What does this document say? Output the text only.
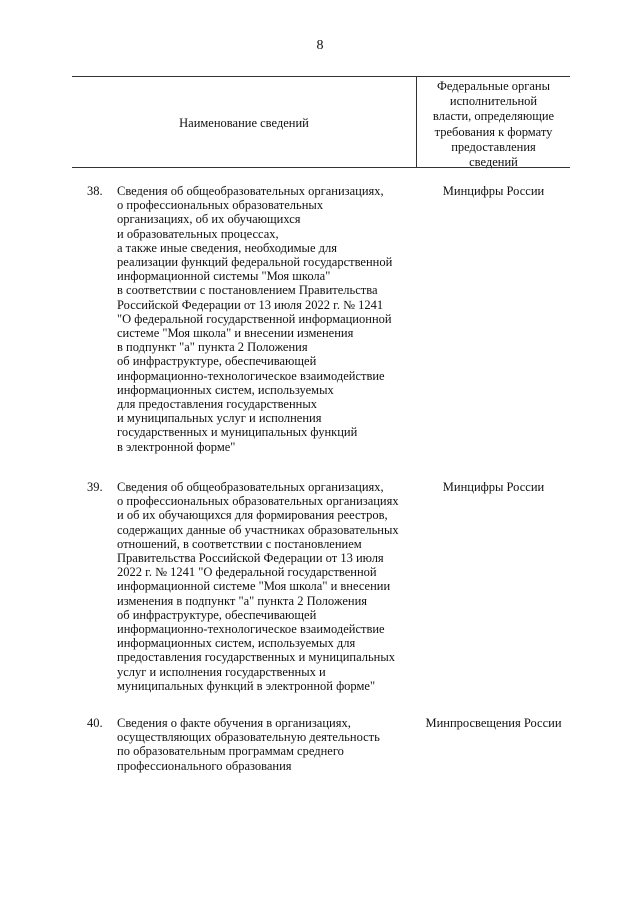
8
Наименование сведений
Федеральные органы
исполнительной
власти, определяющие
требования к формату
предоставления
сведений
38. Сведения об общеобразовательных организациях,
о профессиональных образовательных
организациях, об их обучающихся
и образовательных процессах,
а также иные сведения, необходимые для
реализации функций федеральной государственной
информационной системы "Моя школа"
в соответствии с постановлением Правительства
Российской Федерации от 13 июля 2022 г. № 1241
"О федеральной государственной информационной
системе "Моя школа" и внесении изменения
в подпункт "а" пункта 2 Положения
об инфраструктуре, обеспечивающей
информационно-технологическое взаимодействие
информационных систем, используемых
для предоставления государственных
и муниципальных услуг и исполнения
государственных и муниципальных функций
в электронной форме"
Минцифры России
39. Сведения об общеобразовательных организациях,
о профессиональных образовательных организациях
и об их обучающихся для формирования реестров,
содержащих данные об участниках образовательных
отношений, в соответствии с постановлением
Правительства Российской Федерации от 13 июля
2022 г. № 1241 "О федеральной государственной
информационной системе "Моя школа" и внесении
изменения в подпункт "а" пункта 2 Положения
об инфраструктуре, обеспечивающей
информационно-технологическое взаимодействие
информационных систем, используемых для
предоставления государственных и муниципальных
услуг и исполнения государственных и
муниципальных функций в электронной форме"
Минцифры России
40. Сведения о факте обучения в организациях,
осуществляющих образовательную деятельность
по образовательным программам среднего
профессионального образования
Минпросвещения России
